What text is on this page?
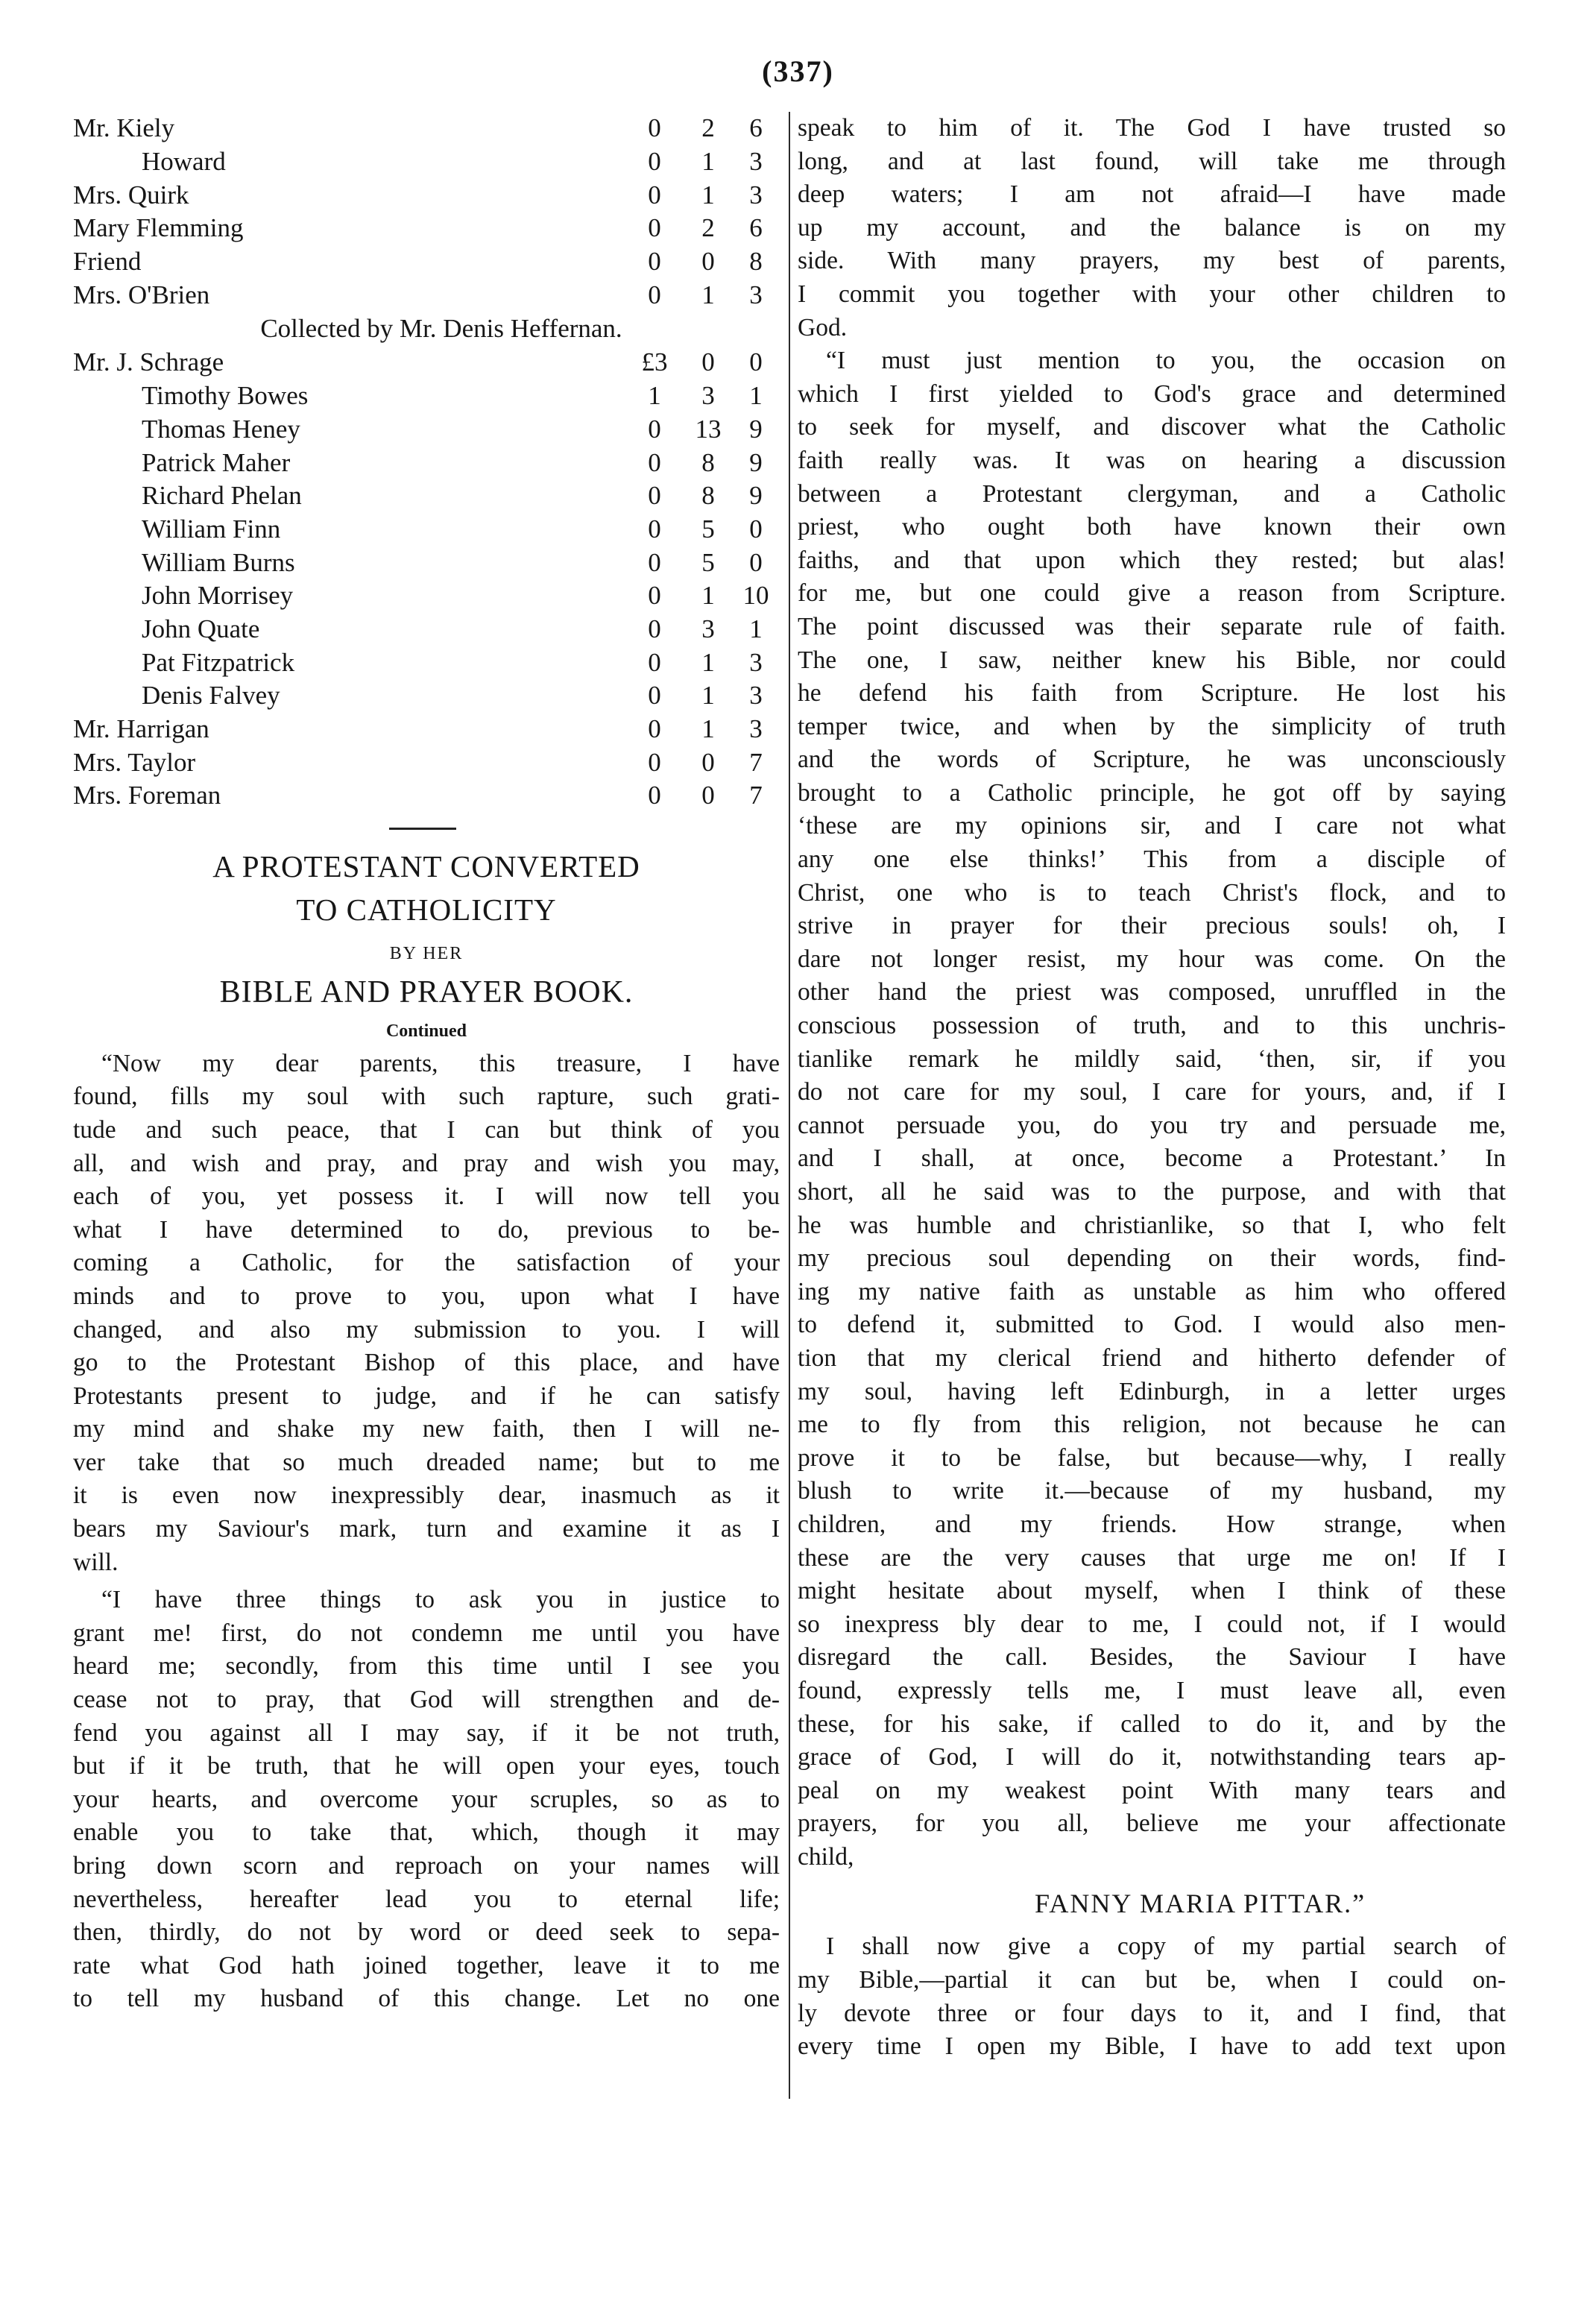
(337)
Mr. Kiely	0	2	6
Howard	0	1	3
Mrs. Quirk	0	1	3
Mary Flemming	0	2	6
Friend	0	0	8
Mrs. O'Brien	0	1	3
Collected by Mr. Denis Heffernan.
Mr. J. Schrage	£3	0	0
Timothy Bowes	1	3	1
Thomas Heney	0	13	9
Patrick Maher	0	8	9
Richard Phelan	0	8	9
William Finn	0	5	0
William Burns	0	5	0
John Morrisey	0	1	10
John Quate	0	3	1
Pat Fitzpatrick	0	1	3
Denis Falvey	0	1	3
Mr. Harrigan	0	1	3
Mrs. Taylor	0	0	7
Mrs. Foreman	0	0	7
A PROTESTANT CONVERTED
TO CATHOLICITY
BY HER
BIBLE AND PRAYER BOOK.
Continued
“Now my dear parents, this treasure, I have
found, fills my soul with such rapture, such grati-
tude and such peace, that I can but think of you
all, and wish and pray, and pray and wish you may,
each of you, yet possess it. I will now tell you
what I have determined to do, previous to be-
coming a Catholic, for the satisfaction of your
minds and to prove to you, upon what I have
changed, and also my submission to you. I will
go to the Protestant Bishop of this place, and have
Protestants present to judge, and if he can satisfy
my mind and shake my new faith, then I will ne-
ver take that so much dreaded name; but to me
it is even now inexpressibly dear, inasmuch as it
bears my Saviour's mark, turn and examine it as I
will.
“I have three things to ask you in justice to
grant me! first, do not condemn me until you have
heard me; secondly, from this time until I see you
cease not to pray, that God will strengthen and de-
fend you against all I may say, if it be not truth,
but if it be truth, that he will open your eyes, touch
your hearts, and overcome your scruples, so as to
enable you to take that, which, though it may
bring down scorn and reproach on your names will
nevertheless, hereafter lead you to eternal life;
then, thirdly, do not by word or deed seek to sepa-
rate what God hath joined together, leave it to me
to tell my husband of this change. Let no one
speak to him of it. The God I have trusted so
long, and at last found, will take me through
deep waters; I am not afraid—I have made
up my account, and the balance is on my
side. With many prayers, my best of parents,
I commit you together with your other children to
God.
“I must just mention to you, the occasion on
which I first yielded to God's grace and determined
to seek for myself, and discover what the Catholic
faith really was. It was on hearing a discussion
between a Protestant clergyman, and a Catholic
priest, who ought both have known their own
faiths, and that upon which they rested; but alas!
for me, but one could give a reason from Scripture.
The point discussed was their separate rule of faith.
The one, I saw, neither knew his Bible, nor could
he defend his faith from Scripture. He lost his
temper twice, and when by the simplicity of truth
and the words of Scripture, he was unconsciously
brought to a Catholic principle, he got off by saying
‘these are my opinions sir, and I care not what
any one else thinks!’ This from a disciple of
Christ, one who is to teach Christ's flock, and to
strive in prayer for their precious souls! oh, I
dare not longer resist, my hour was come. On the
other hand the priest was composed, unruffled in the
conscious possession of truth, and to this unchris-
tianlike remark he mildly said, ‘then, sir, if you
do not care for my soul, I care for yours, and, if I
cannot persuade you, do you try and persuade me,
and I shall, at once, become a Protestant.’ In
short, all he said was to the purpose, and with that
he was humble and christianlike, so that I, who felt
my precious soul depending on their words, find-
ing my native faith as unstable as him who offered
to defend it, submitted to God. I would also men-
tion that my clerical friend and hitherto defender of
my soul, having left Edinburgh, in a letter urges
me to fly from this religion, not because he can
prove it to be false, but because—why, I really
blush to write it.—because of my husband, my
children, and my friends. How strange, when
these are the very causes that urge me on! If I
might hesitate about myself, when I think of these
so inexpress bly dear to me, I could not, if I would
disregard the call. Besides, the Saviour I have
found, expressly tells me, I must leave all, even
these, for his sake, if called to do it, and by the
grace of God, I will do it, notwithstanding tears ap-
peal on my weakest point With many tears and
prayers, for you all, believe me your affectionate
child,
FANNY MARIA PITTAR.”
I shall now give a copy of my partial search of
my Bible,—partial it can but be, when I could on-
ly devote three or four days to it, and I find, that
every time I open my Bible, I have to add text upon
